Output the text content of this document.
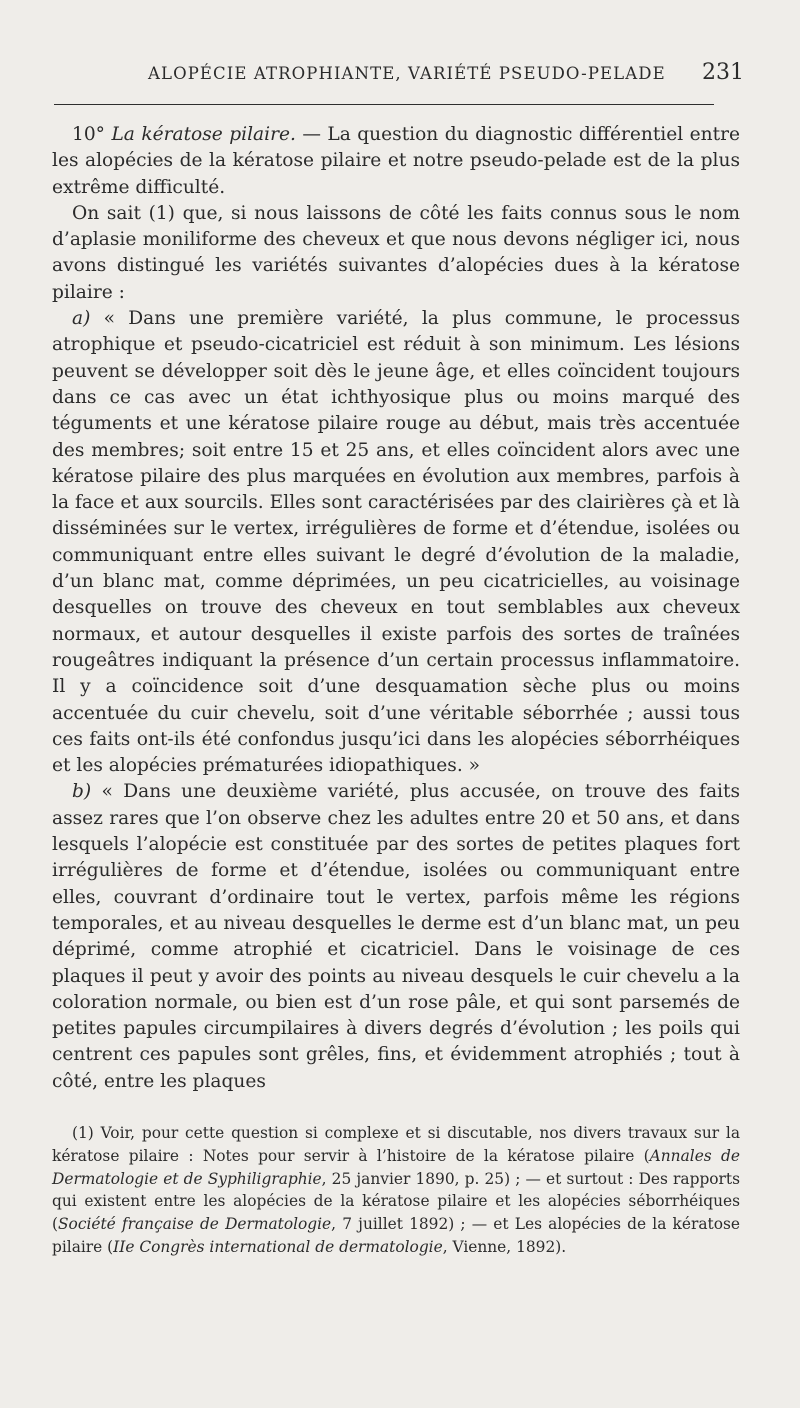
ALOPÉCIE ATROPHIANTE, VARIÉTÉ PSEUDO-PELADE 231

10° La kératose pilaire. — La question du diagnostic différentiel entre les alopécies de la kératose pilaire et notre pseudo-pelade est de la plus extrême difficulté.

On sait (1) que, si nous laissons de côté les faits connus sous le nom d’aplasie moniliforme des cheveux et que nous devons négliger ici, nous avons distingué les variétés suivantes d’alopécies dues à la kératose pilaire :

a) « Dans une première variété, la plus commune, le processus atrophique et pseudo-cicatriciel est réduit à son minimum. Les lésions peuvent se développer soit dès le jeune âge, et elles coïncident toujours dans ce cas avec un état ichthyosique plus ou moins marqué des téguments et une kératose pilaire rouge au début, mais très accentuée des membres; soit entre 15 et 25 ans, et elles coïncident alors avec une kératose pilaire des plus marquées en évolution aux membres, parfois à la face et aux sourcils. Elles sont caractérisées par des clairières çà et là disséminées sur le vertex, irrégulières de forme et d’étendue, isolées ou communiquant entre elles suivant le degré d’évolution de la maladie, d’un blanc mat, comme déprimées, un peu cicatricielles, au voisinage desquelles on trouve des cheveux en tout semblables aux cheveux normaux, et autour desquelles il existe parfois des sortes de traînées rougeâtres indiquant la présence d’un certain processus inflammatoire. Il y a coïncidence soit d’une desquamation sèche plus ou moins accentuée du cuir chevelu, soit d’une véritable séborrhée ; aussi tous ces faits ont-ils été confondus jusqu’ici dans les alopécies séborrhéiques et les alopécies prématurées idiopathiques. »

b) « Dans une deuxième variété, plus accusée, on trouve des faits assez rares que l’on observe chez les adultes entre 20 et 50 ans, et dans lesquels l’alopécie est constituée par des sortes de petites plaques fort irrégulières de forme et d’étendue, isolées ou communiquant entre elles, couvrant d’ordinaire tout le vertex, parfois même les régions temporales, et au niveau desquelles le derme est d’un blanc mat, un peu déprimé, comme atrophié et cicatriciel. Dans le voisinage de ces plaques il peut y avoir des points au niveau desquels le cuir chevelu a la coloration normale, ou bien est d’un rose pâle, et qui sont parsemés de petites papules circumpilaires à divers degrés d’évolution ; les poils qui centrent ces papules sont grêles, fins, et évidemment atrophiés ; tout à côté, entre les plaques

(1) Voir, pour cette question si complexe et si discutable, nos divers travaux sur la kératose pilaire : Notes pour servir à l’histoire de la kératose pilaire (Annales de Dermatologie et de Syphiligraphie, 25 janvier 1890, p. 25) ; — et surtout : Des rapports qui existent entre les alopécies de la kératose pilaire et les alopécies séborrhéiques (Société française de Dermatologie, 7 juillet 1892) ; — et Les alopécies de la kératose pilaire (IIe Congrès international de dermatologie, Vienne, 1892).
